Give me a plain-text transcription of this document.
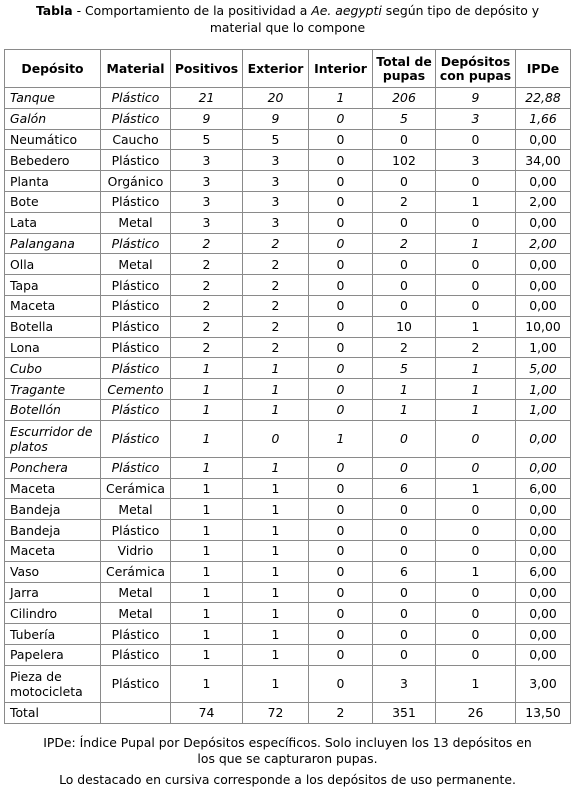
Tabla - Comportamiento de la positividad a Ae. aegypti según tipo de depósito y
material que lo compone
Depósito	Material	Positivos	Exterior	Interior	Total de pupas	Depósitos con pupas	IPDe
Tanque	Plástico	21	20	1	206	9	22,88
Galón	Plástico	9	9	0	5	3	1,66
Neumático	Caucho	5	5	0	0	0	0,00
Bebedero	Plástico	3	3	0	102	3	34,00
Planta	Orgánico	3	3	0	0	0	0,00
Bote	Plástico	3	3	0	2	1	2,00
Lata	Metal	3	3	0	0	0	0,00
Palangana	Plástico	2	2	0	2	1	2,00
Olla	Metal	2	2	0	0	0	0,00
Tapa	Plástico	2	2	0	0	0	0,00
Maceta	Plástico	2	2	0	0	0	0,00
Botella	Plástico	2	2	0	10	1	10,00
Lona	Plástico	2	2	0	2	2	1,00
Cubo	Plástico	1	1	0	5	1	5,00
Tragante	Cemento	1	1	0	1	1	1,00
Botellón	Plástico	1	1	0	1	1	1,00
Escurridor de platos	Plástico	1	0	1	0	0	0,00
Ponchera	Plástico	1	1	0	0	0	0,00
Maceta	Cerámica	1	1	0	6	1	6,00
Bandeja	Metal	1	1	0	0	0	0,00
Bandeja	Plástico	1	1	0	0	0	0,00
Maceta	Vidrio	1	1	0	0	0	0,00
Vaso	Cerámica	1	1	0	6	1	6,00
Jarra	Metal	1	1	0	0	0	0,00
Cilindro	Metal	1	1	0	0	0	0,00
Tubería	Plástico	1	1	0	0	0	0,00
Papelera	Plástico	1	1	0	0	0	0,00
Pieza de motocicleta	Plástico	1	1	0	3	1	3,00
Total		74	72	2	351	26	13,50
IPDe: Índice Pupal por Depósitos específicos. Solo incluyen los 13 depósitos en los que se capturaron pupas.
Lo destacado en cursiva corresponde a los depósitos de uso permanente.
